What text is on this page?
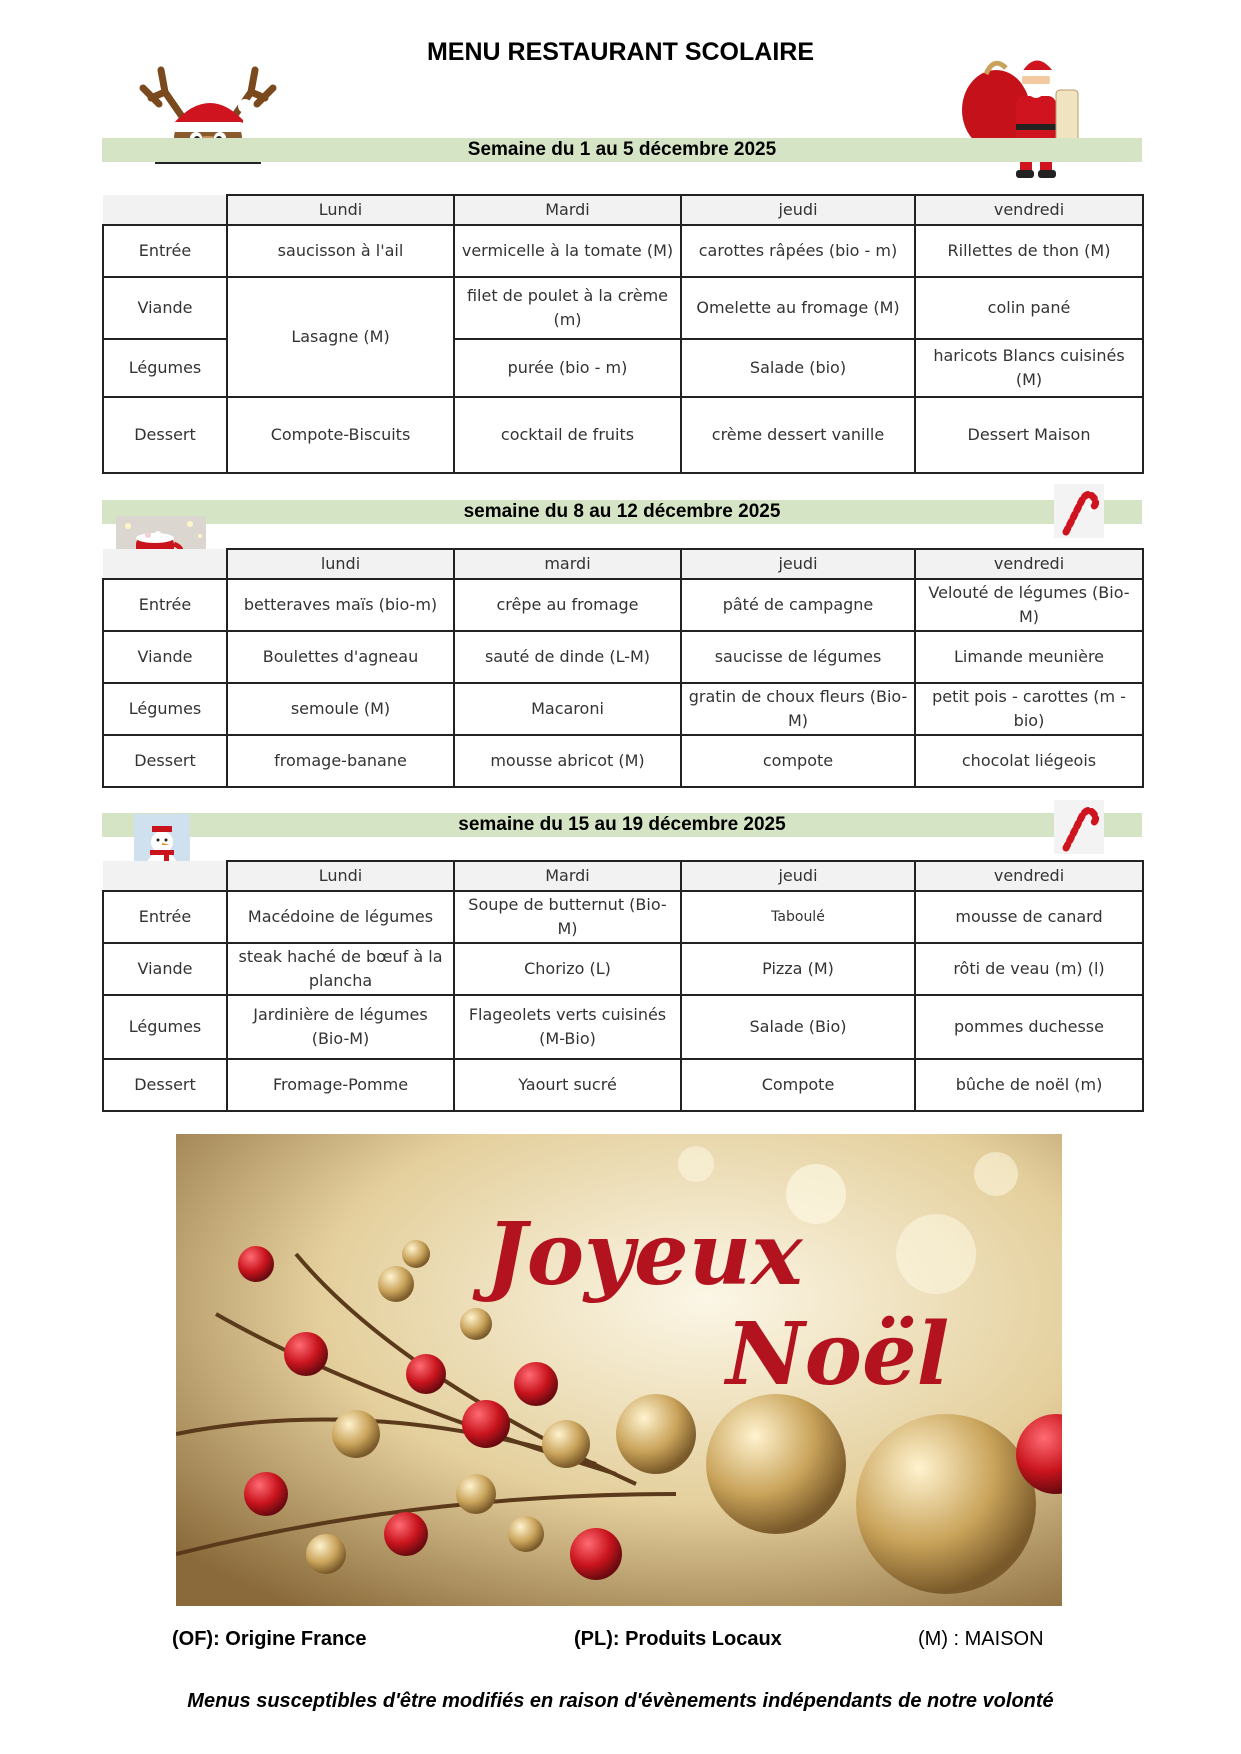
MENU RESTAURANT SCOLAIRE
Semaine du 1 au 5 décembre 2025
	Lundi	Mardi	jeudi	vendredi
Entrée	saucisson à l'ail	vermicelle à la tomate (M)	carottes râpées (bio - m)	Rillettes de thon (M)
Viande	Lasagne (M)	filet de poulet à la crème (m)	Omelette au fromage (M)	colin pané
Légumes		purée (bio - m)	Salade (bio)	haricots Blancs cuisinés (M)
Dessert	Compote-Biscuits	cocktail de fruits	crème dessert vanille	Dessert Maison
semaine du 8 au 12 décembre 2025
	lundi	mardi	jeudi	vendredi
Entrée	betteraves maïs (bio-m)	crêpe au fromage	pâté de campagne	Velouté de légumes (Bio-M)
Viande	Boulettes d'agneau	sauté de dinde (L-M)	saucisse de légumes	Limande meunière
Légumes	semoule (M)	Macaroni	gratin de choux fleurs (Bio-M)	petit pois - carottes (m - bio)
Dessert	fromage-banane	mousse abricot (M)	compote	chocolat liégeois
semaine du 15 au 19 décembre 2025
	Lundi	Mardi	jeudi	vendredi
Entrée	Macédoine de légumes	Soupe de butternut (Bio-M)	Taboulé	mousse de canard
Viande	steak haché de bœuf à la plancha	Chorizo (L)	Pizza (M)	rôti de veau (m) (l)
Légumes	Jardinière de légumes (Bio-M)	Flageolets verts cuisinés (M-Bio)	Salade (Bio)	pommes duchesse
Dessert	Fromage-Pomme	Yaourt sucré	Compote	bûche de noël (m)
Joyeux
Noël
(OF): Origine France	(PL): Produits Locaux	(M) : MAISON
Menus susceptibles d'être modifiés en raison d'évènements indépendants de notre volonté
